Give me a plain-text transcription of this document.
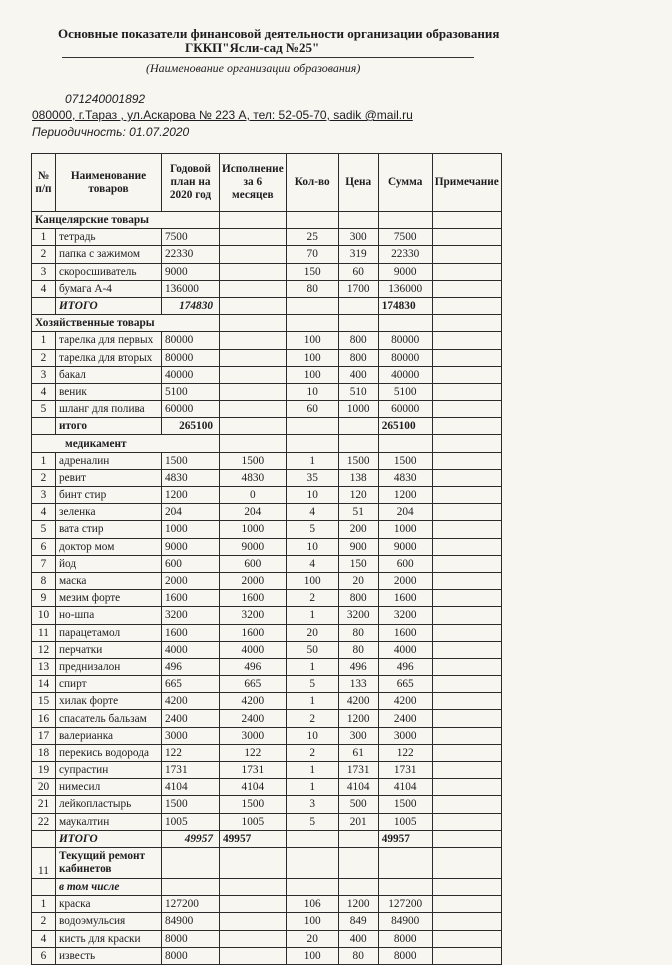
Основные показатели финансовой деятельности организации образования
ГККП"Ясли-сад №25"
(Наименование организации образования)
071240001892
080000, г.Тараз , ул.Аскарова № 223 А, тел: 52-05-70, sadik @mail.ru
Периодичность: 01.07.2020
№ п/п	Наименование товаров	Годовой план на 2020 год	Исполнение за 6 месяцев	Кол-во	Цена	Сумма	Примечание
Канцелярские товары							
1	тетрадь	7500		25	300	7500	
2	папка с зажимом	22330		70	319	22330	
3	скоросшиватель	9000		150	60	9000	
4	бумага А-4	136000		80	1700	136000	
	ИТОГО	174830				174830	
Хозяйственные товары							
1	тарелка для первых	80000		100	800	80000	
2	тарелка для вторых	80000		100	800	80000	
3	бакал	40000		100	400	40000	
4	веник	5100		10	510	5100	
5	шланг для полива	60000		60	1000	60000	
	итого	265100				265100	
медикамент							
1	адреналин	1500	1500	1	1500	1500	
2	ревит	4830	4830	35	138	4830	
3	бинт стир	1200	0	10	120	1200	
4	зеленка	204	204	4	51	204	
5	вата стир	1000	1000	5	200	1000	
6	доктор мом	9000	9000	10	900	9000	
7	йод	600	600	4	150	600	
8	маска	2000	2000	100	20	2000	
9	мезим форте	1600	1600	2	800	1600	
10	но-шпа	3200	3200	1	3200	3200	
11	парацетамол	1600	1600	20	80	1600	
12	перчатки	4000	4000	50	80	4000	
13	преднизалон	496	496	1	496	496	
14	спирт	665	665	5	133	665	
15	хилак форте	4200	4200	1	4200	4200	
16	спасатель бальзам	2400	2400	2	1200	2400	
17	валерианка	3000	3000	10	300	3000	
18	перекись водорода	122	122	2	61	122	
19	супрастин	1731	1731	1	1731	1731	
20	нимесил	4104	4104	1	4104	4104	
21	лейкопластырь	1500	1500	3	500	1500	
22	маукалтин	1005	1005	5	201	1005	
	ИТОГО	49957	49957			49957	
11	Текущий ремонт кабинетов						
	в том числе						
1	краска	127200		106	1200	127200	
2	водоэмульсия	84900		100	849	84900	
4	кисть для краски	8000		20	400	8000	
6	известь	8000		100	80	8000	
